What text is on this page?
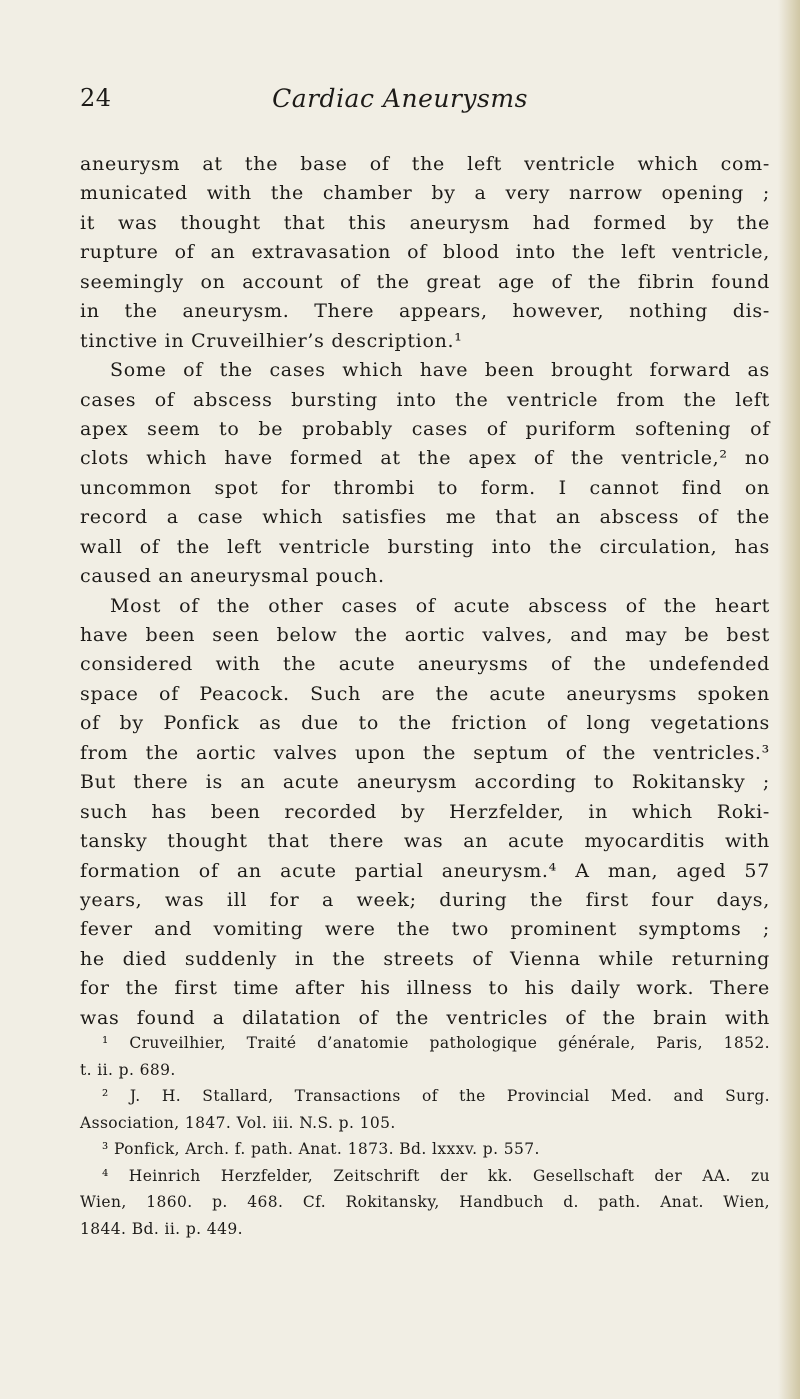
24	Cardiac Aneurysms
aneurysm at the base of the left ventricle which com-
municated with the chamber by a very narrow opening ;
it was thought that this aneurysm had formed by the
rupture of an extravasation of blood into the left ventricle,
seemingly on account of the great age of the fibrin found
in the aneurysm. There appears, however, nothing dis-
tinctive in Cruveilhier’s description.¹
Some of the cases which have been brought forward as
cases of abscess bursting into the ventricle from the left
apex seem to be probably cases of puriform softening of
clots which have formed at the apex of the ventricle,² no
uncommon spot for thrombi to form. I cannot find on
record a case which satisfies me that an abscess of the
wall of the left ventricle bursting into the circulation, has
caused an aneurysmal pouch.
Most of the other cases of acute abscess of the heart
have been seen below the aortic valves, and may be best
considered with the acute aneurysms of the undefended
space of Peacock. Such are the acute aneurysms spoken
of by Ponfick as due to the friction of long vegetations
from the aortic valves upon the septum of the ventricles.³
But there is an acute aneurysm according to Rokitansky ;
such has been recorded by Herzfelder, in which Roki-
tansky thought that there was an acute myocarditis with
formation of an acute partial aneurysm.⁴ A man, aged 57
years, was ill for a week; during the first four days,
fever and vomiting were the two prominent symptoms ;
he died suddenly in the streets of Vienna while returning
for the first time after his illness to his daily work. There
was found a dilatation of the ventricles of the brain with
¹ Cruveilhier, Traité d’anatomie pathologique générale, Paris, 1852.
t. ii. p. 689.
² J. H. Stallard, Transactions of the Provincial Med. and Surg.
Association, 1847. Vol. iii. N.S. p. 105.
³ Ponfick, Arch. f. path. Anat. 1873. Bd. lxxxv. p. 557.
⁴ Heinrich Herzfelder, Zeitschrift der kk. Gesellschaft der AA. zu
Wien, 1860. p. 468. Cf. Rokitansky, Handbuch d. path. Anat. Wien,
1844. Bd. ii. p. 449.
